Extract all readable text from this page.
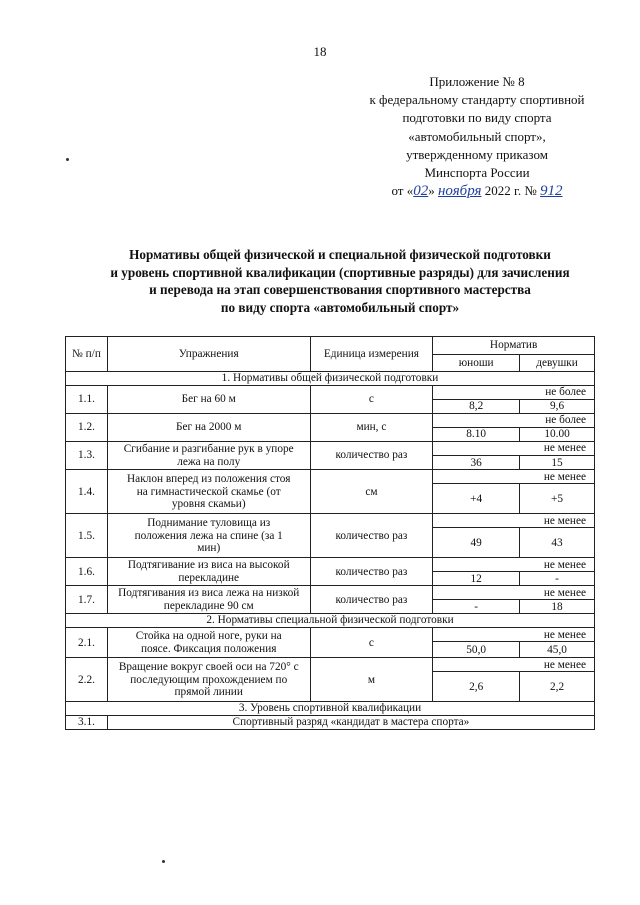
18
Приложение № 8
к федеральному стандарту спортивной
подготовки по виду спорта
«автомобильный спорт»,
утвержденному приказом
Минспорта России
от «02» ноября 2022 г. № 912
Нормативы общей физической и специальной физической подготовки
и уровень спортивной квалификации (спортивные разряды) для зачисления
и перевода на этап совершенствования спортивного мастерства
по виду спорта «автомобильный спорт»
№ п/п	Упражнения	Единица измерения	Норматив	
			юноши	девушки
1. Нормативы общей физической подготовки				
1.1.	Бег на 60 м	с	не более	
			8,2	9,6
1.2.	Бег на 2000 м	мин, с	не более	
			8.10	10.00
1.3.	Сгибание и разгибание рук в упоре лежа на полу	количество раз	не менее	
			36	15
1.4.	Наклон вперед из положения стоя на гимнастической скамье (от уровня скамьи)	см	не менее	
			+4	+5
1.5.	Поднимание туловища из положения лежа на спине (за 1 мин)	количество раз	не менее	
			49	43
1.6.	Подтягивание из виса на высокой перекладине	количество раз	не менее	
			12	-
1.7.	Подтягивания из виса лежа на низкой перекладине 90 см	количество раз	не менее	
			-	18
2. Нормативы специальной физической подготовки				
2.1.	Стойка на одной ноге, руки на поясе. Фиксация положения	с	не менее	
			50,0	45,0
2.2.	Вращение вокруг своей оси на 720° с последующим прохождением по прямой линии	м	не менее	
			2,6	2,2
3. Уровень спортивной квалификации				
3.1.	Спортивный разряд «кандидат в мастера спорта»			
